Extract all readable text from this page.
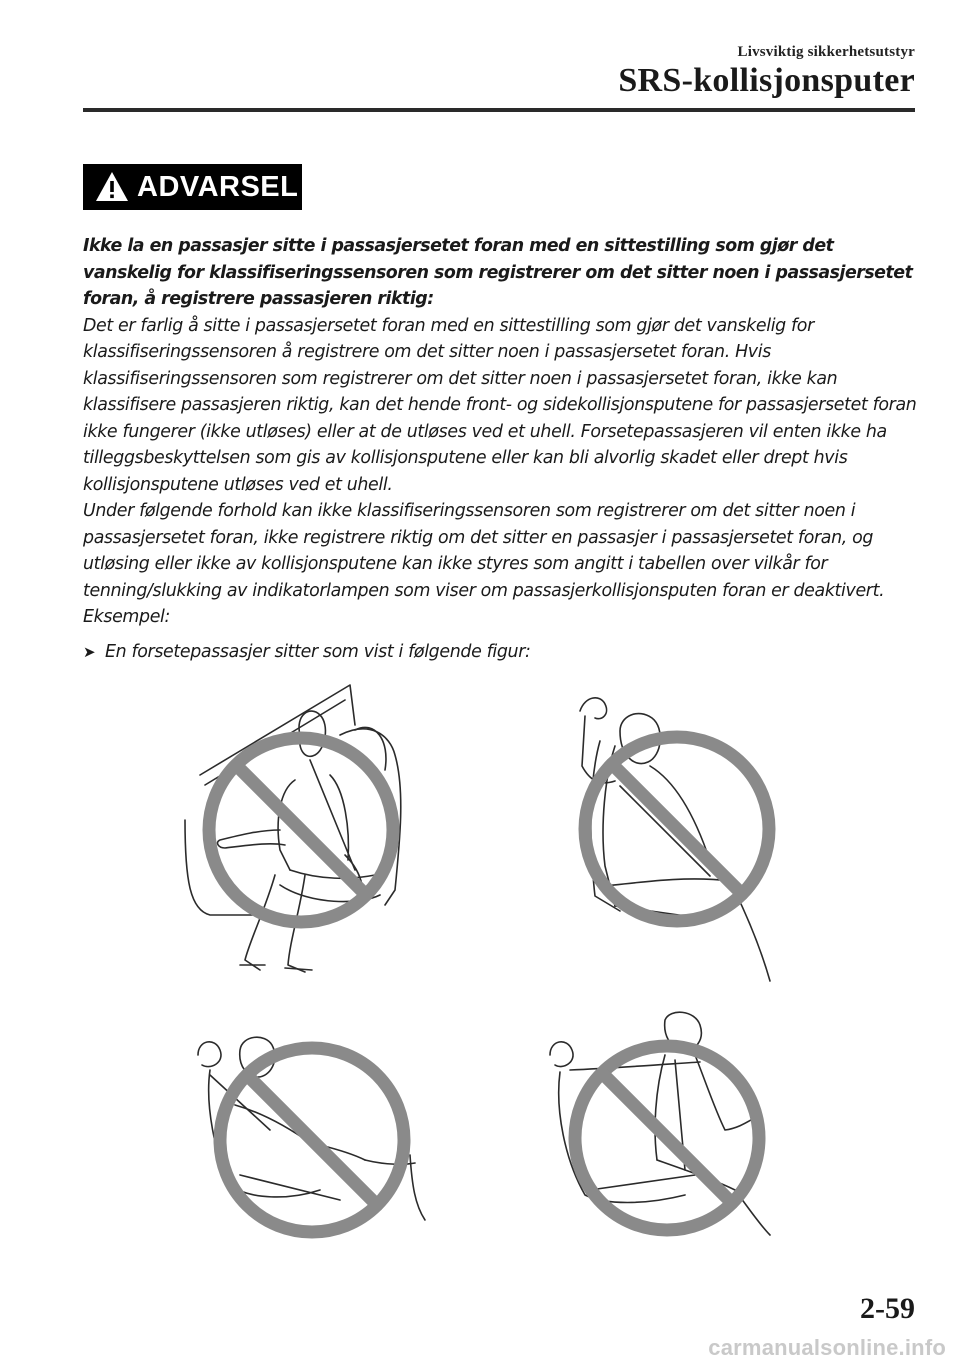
Livsviktig sikkerhetsutstyr
SRS-kollisjonsputer
ADVARSEL

Ikke la en passasjer sitte i passasjersetet foran med en sittestilling som gjør det vanskelig for klassifiseringssensoren som registrerer om det sitter noen i passasjersetet foran, å registrere passasjeren riktig:

Det er farlig å sitte i passasjersetet foran med en sittestilling som gjør det vanskelig for klassifiseringssensoren å registrere om det sitter noen i passasjersetet foran. Hvis klassifiseringssensoren som registrerer om det sitter noen i passasjersetet foran, ikke kan klassifisere passasjeren riktig, kan det hende front- og sidekollisjonsputene for passasjersetet foran ikke fungerer (ikke utløses) eller at de utløses ved et uhell. Forsetepassasjeren vil enten ikke ha tilleggsbeskyttelsen som gis av kollisjonsputene eller kan bli alvorlig skadet eller drept hvis kollisjonsputene utløses ved et uhell.

Under følgende forhold kan ikke klassifiseringssensoren som registrerer om det sitter noen i passasjersetet foran, ikke registrere riktig om det sitter en passasjer i passasjersetet foran, og utløsing eller ikke av kollisjonsputene kan ikke styres som angitt i tabellen over vilkår for tenning/slukking av indikatorlampen som viser om passasjerkollisjonsputen foran er deaktivert. Eksempel:

➤ En forsetepassasjer sitter som vist i følgende figur:

2-59
carmanualsonline.info
